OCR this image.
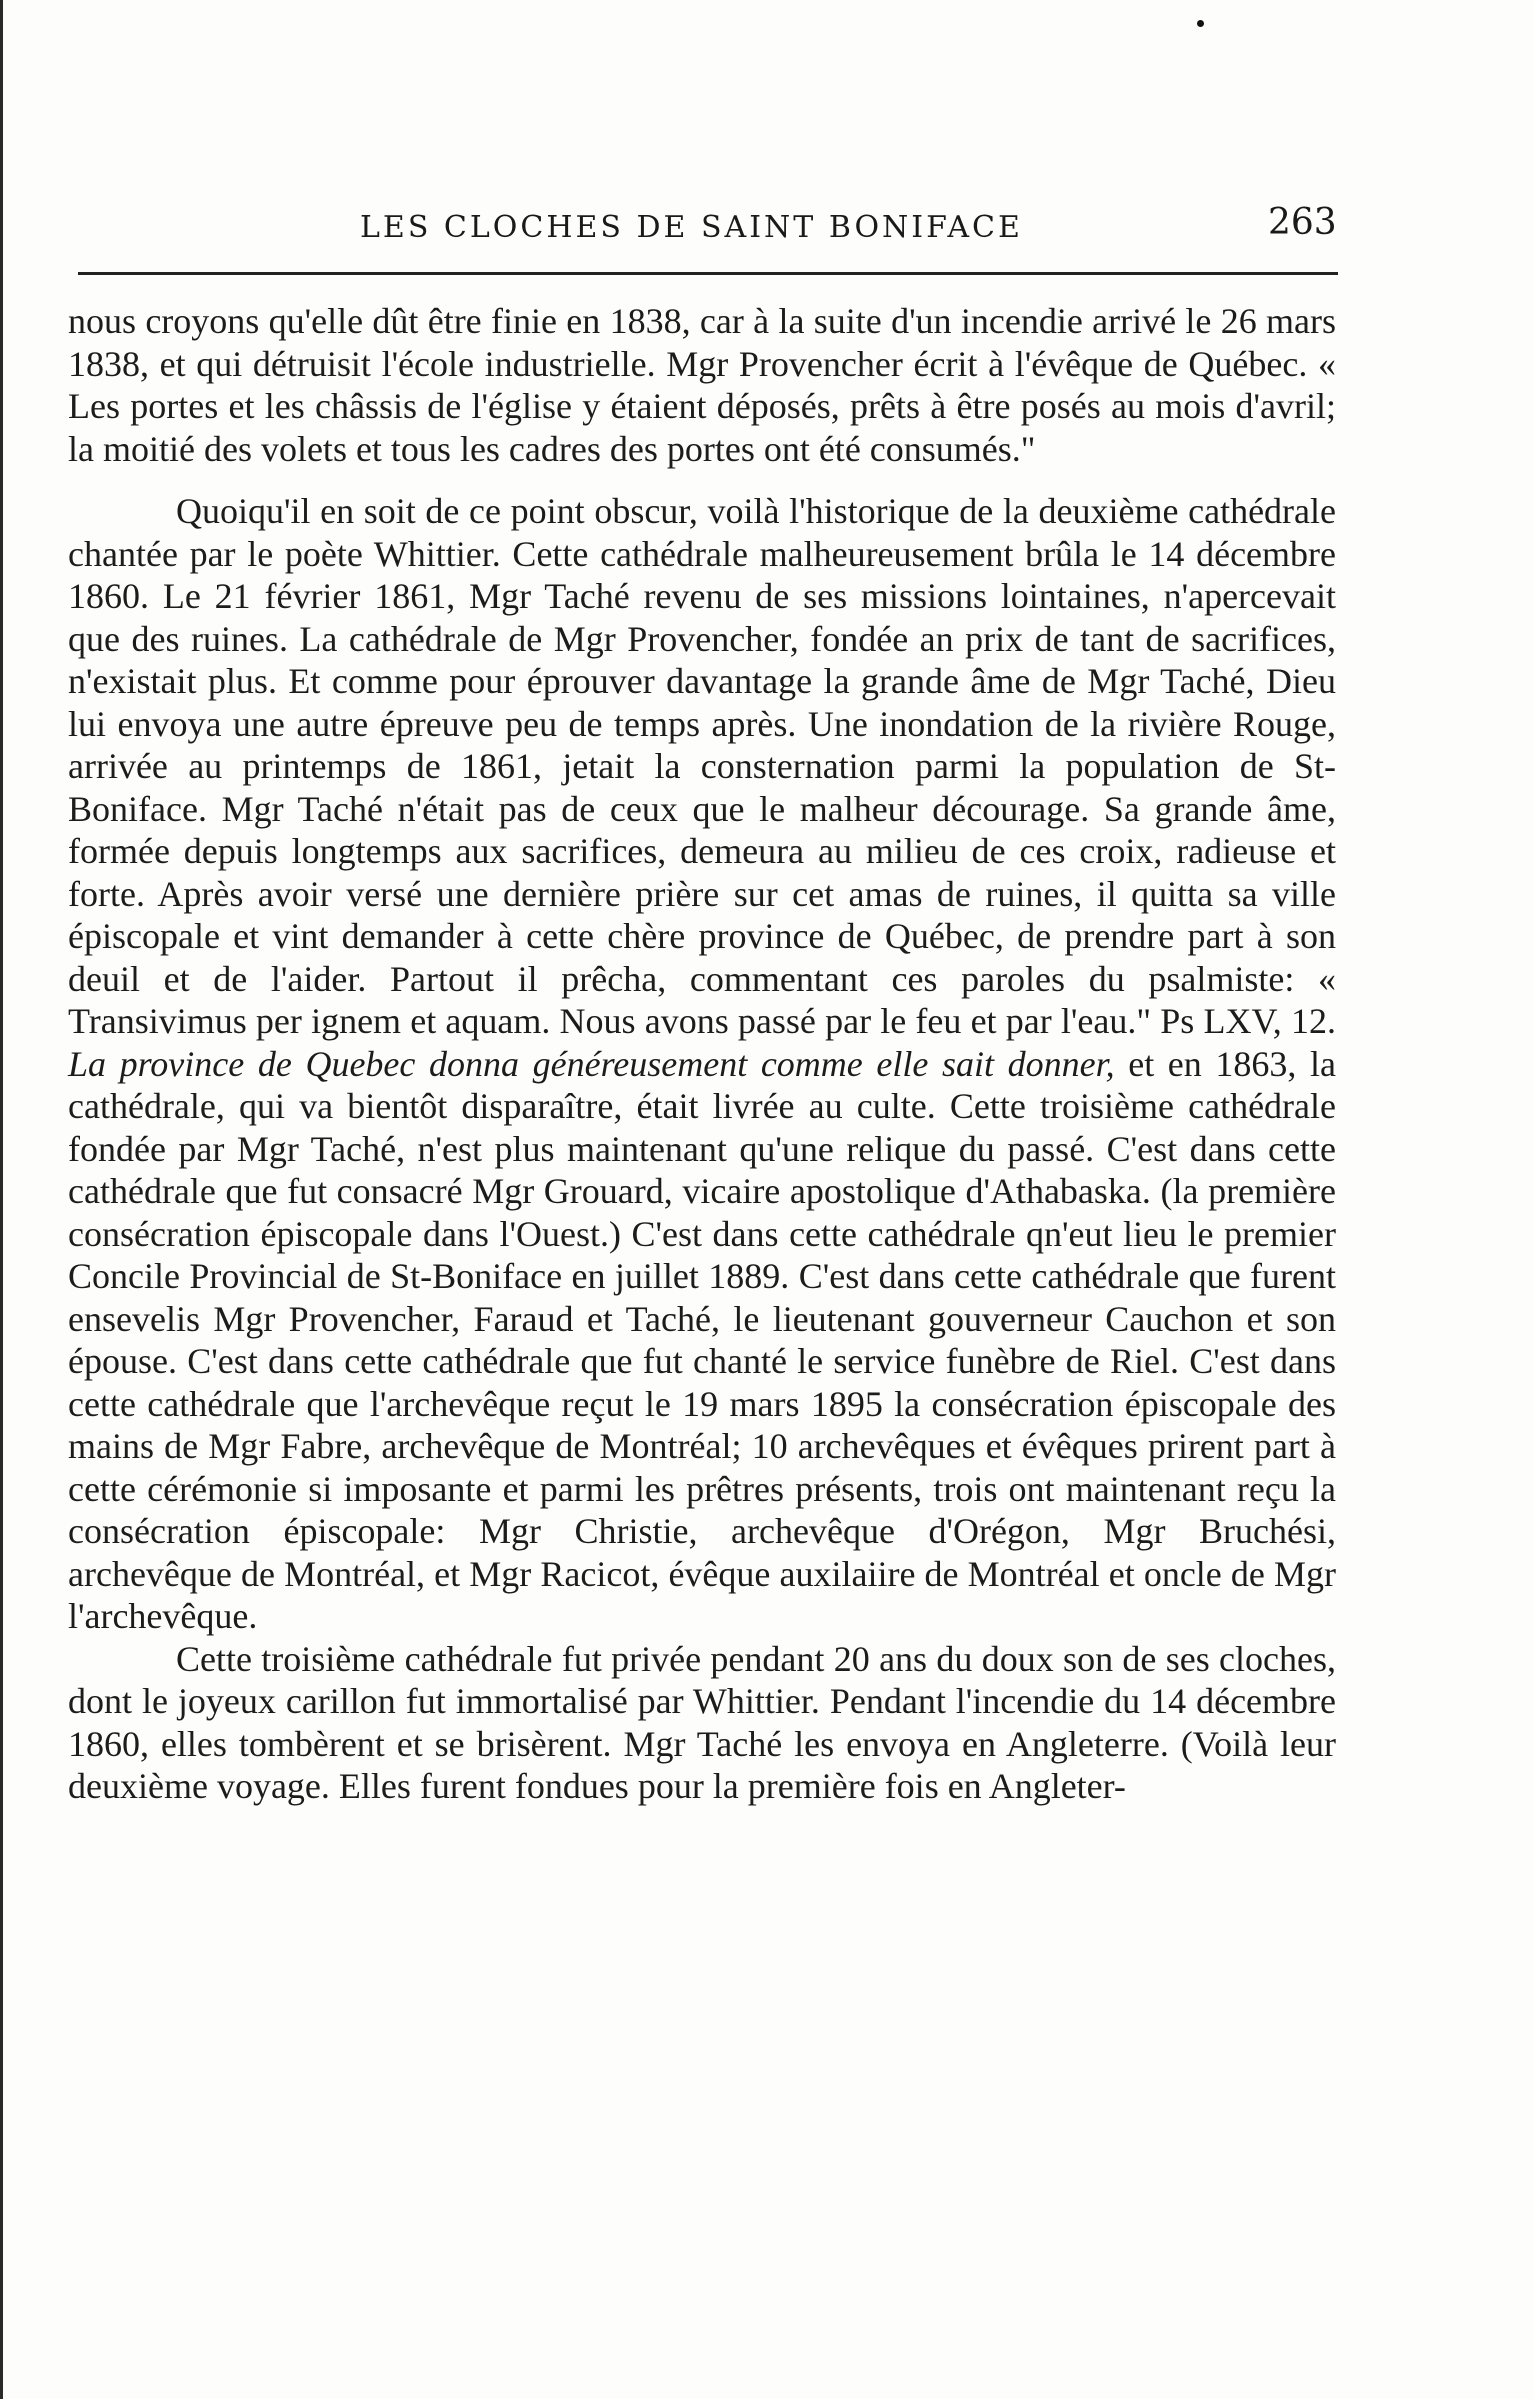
LES CLOCHES DE SAINT BONIFACE	263

nous croyons qu'elle dût être finie en 1838, car à la suite d'un incendie arrivé le 26 mars 1838, et qui détruisit l'école industrielle. Mgr Provencher écrit à l'évêque de Québec. « Les portes et les châssis de l'église y étaient déposés, prêts à être posés au mois d'avril; la moitié des volets et tous les cadres des portes ont été consumés."

Quoiqu'il en soit de ce point obscur, voilà l'historique de la deuxième cathédrale chantée par le poète Whittier. Cette cathédrale malheureusement brûla le 14 décembre 1860. Le 21 février 1861, Mgr Taché revenu de ses missions lointaines, n'apercevait que des ruines. La cathédrale de Mgr Provencher, fondée an prix de tant de sacrifices, n'existait plus. Et comme pour éprouver davantage la grande âme de Mgr Taché, Dieu lui envoya une autre épreuve peu de temps après. Une inondation de la rivière Rouge, arrivée au printemps de 1861, jetait la consternation parmi la population de St-Boniface. Mgr Taché n'était pas de ceux que le malheur décourage. Sa grande âme, formée depuis longtemps aux sacrifices, demeura au milieu de ces croix, radieuse et forte. Après avoir versé une dernière prière sur cet amas de ruines, il quitta sa ville épiscopale et vint demander à cette chère province de Québec, de prendre part à son deuil et de l'aider. Partout il prêcha, commentant ces paroles du psalmiste: « Transivimus per ignem et aquam. Nous avons passé par le feu et par l'eau." Ps LXV, 12. La province de Quebec donna généreusement comme elle sait donner, et en 1863, la cathédrale, qui va bientôt disparaître, était livrée au culte. Cette troisième cathédrale fondée par Mgr Taché, n'est plus maintenant qu'une relique du passé. C'est dans cette cathédrale que fut consacré Mgr Grouard, vicaire apostolique d'Athabaska. (la première consécration épiscopale dans l'Ouest.) C'est dans cette cathédrale qn'eut lieu le premier Concile Provincial de St-Boniface en juillet 1889. C'est dans cette cathédrale que furent ensevelis Mgr Provencher, Faraud et Taché, le lieutenant gouverneur Cauchon et son épouse. C'est dans cette cathédrale que fut chanté le service funèbre de Riel. C'est dans cette cathédrale que l'archevêque reçut le 19 mars 1895 la consécration épiscopale des mains de Mgr Fabre, archevêque de Montréal; 10 archevêques et évêques prirent part à cette cérémonie si imposante et parmi les prêtres présents, trois ont maintenant reçu la consécration épiscopale: Mgr Christie, archevêque d'Orégon, Mgr Bruchési, archevêque de Montréal, et Mgr Racicot, évêque auxilaiire de Montréal et oncle de Mgr l'archevêque.

Cette troisième cathédrale fut privée pendant 20 ans du doux son de ses cloches, dont le joyeux carillon fut immortalisé par Whittier. Pendant l'incendie du 14 décembre 1860, elles tombèrent et se brisèrent. Mgr Taché les envoya en Angleterre. (Voilà leur deuxième voyage. Elles furent fondues pour la première fois en Angleter-
